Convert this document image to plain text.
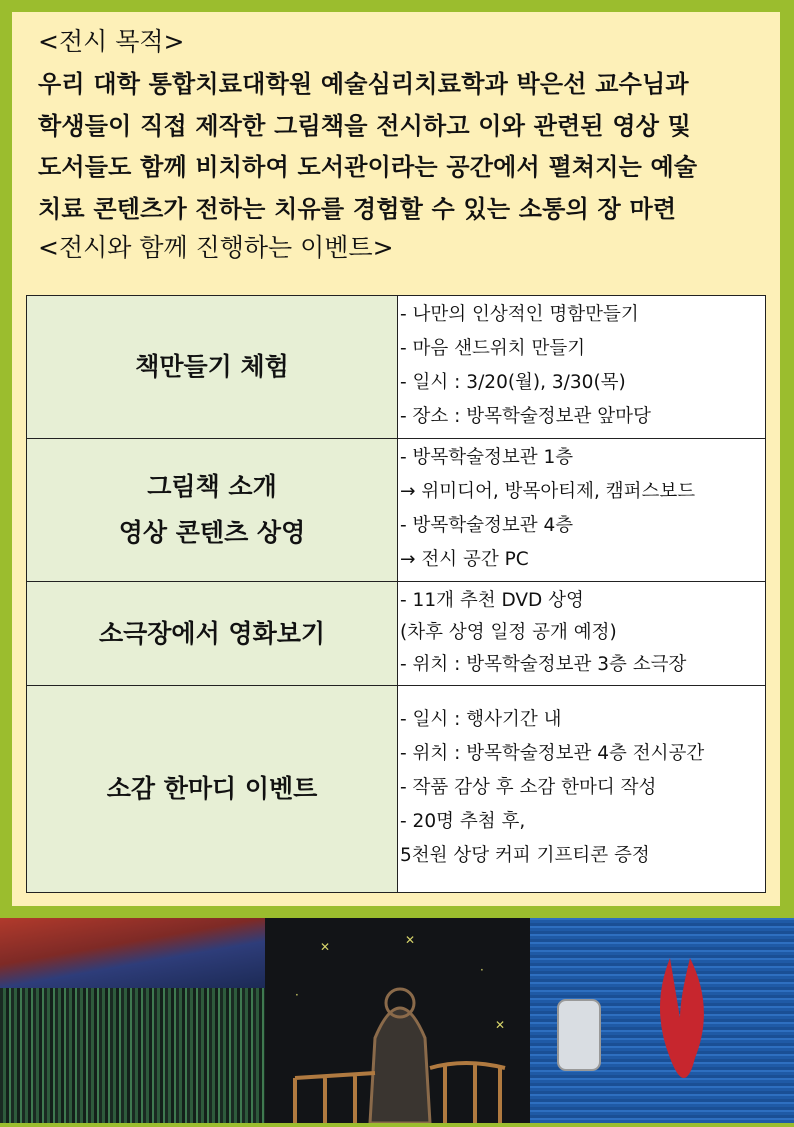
<전시 목적>

우리 대학 통합치료대학원 예술심리치료학과 박은선 교수님과
학생들이 직접 제작한 그림책을 전시하고 이와 관련된 영상 및
도서들도 함께 비치하여 도서관이라는 공간에서 펼쳐지는 예술
치료 콘텐츠가 전하는 치유를 경험할 수 있는 소통의 장 마련

<전시와 함께 진행하는 이벤트>
책만들기 체험	- 나만의 인상적인 명함만들기
- 마음 샌드위치 만들기
- 일시 : 3/20(월), 3/30(목)
- 장소 : 방목학술정보관 앞마당
그림책 소개
영상 콘텐츠 상영	- 방목학술정보관 1층
→ 위미디어, 방목아티제, 캠퍼스보드
- 방목학술정보관 4층
→ 전시 공간 PC
소극장에서 영화보기	- 11개 추천 DVD 상영
(차후 상영 일정 공개 예정)
- 위치 : 방목학술정보관 3층 소극장
소감 한마디 이벤트	- 일시 : 행사기간 내
- 위치 : 방목학술정보관 4층 전시공간
- 작품 감상 후 소감 한마디 작성
- 20명 추첨 후,
5천원 상당 커피 기프티콘 증정
✕	✕
·
·
✕
